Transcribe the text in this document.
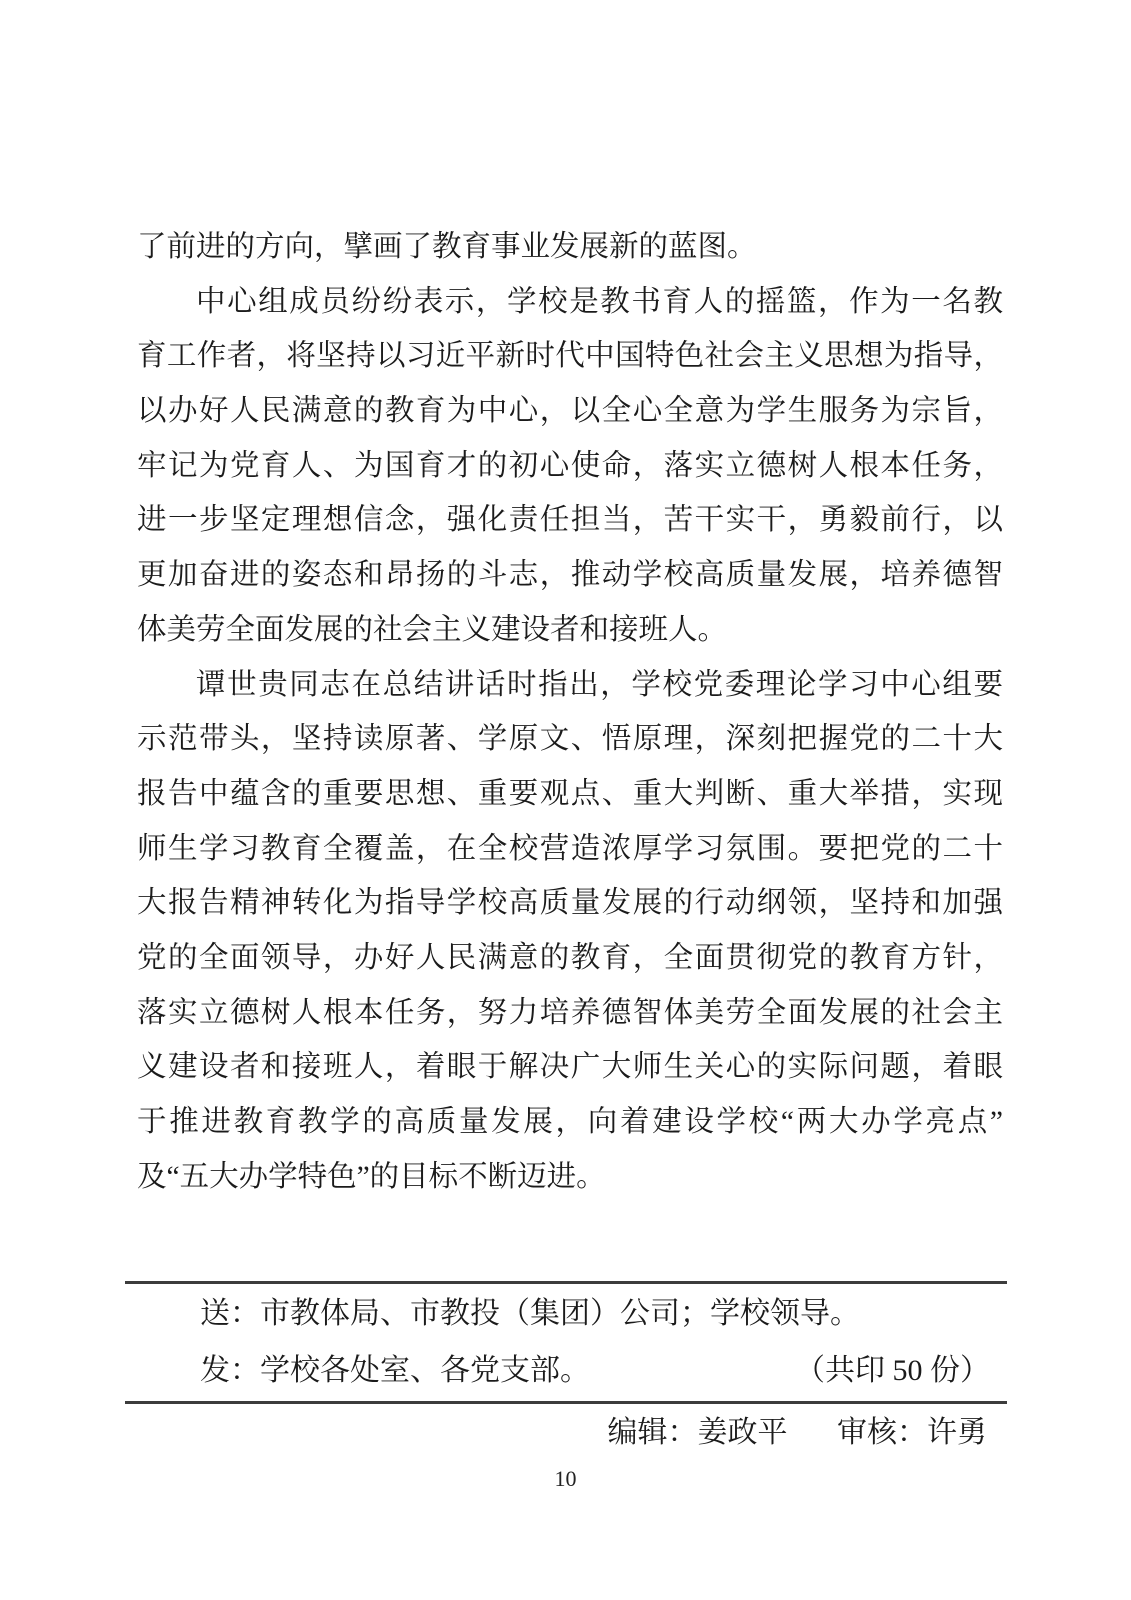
了前进的方向，擘画了教育事业发展新的蓝图。

中心组成员纷纷表示，学校是教书育人的摇篮，作为一名教

育工作者，将坚持以习近平新时代中国特色社会主义思想为指导，

以办好人民满意的教育为中心，以全心全意为学生服务为宗旨，

牢记为党育人、为国育才的初心使命，落实立德树人根本任务，

进一步坚定理想信念，强化责任担当，苦干实干，勇毅前行，以

更加奋进的姿态和昂扬的斗志，推动学校高质量发展，培养德智

体美劳全面发展的社会主义建设者和接班人。

谭世贵同志在总结讲话时指出，学校党委理论学习中心组要

示范带头，坚持读原著、学原文、悟原理，深刻把握党的二十大

报告中蕴含的重要思想、重要观点、重大判断、重大举措，实现

师生学习教育全覆盖，在全校营造浓厚学习氛围。要把党的二十

大报告精神转化为指导学校高质量发展的行动纲领，坚持和加强

党的全面领导，办好人民满意的教育，全面贯彻党的教育方针，

落实立德树人根本任务，努力培养德智体美劳全面发展的社会主

义建设者和接班人，着眼于解决广大师生关心的实际问题，着眼

于推进教育教学的高质量发展，向着建设学校“两大办学亮点”

及“五大办学特色”的目标不断迈进。

送：市教体局、市教投（集团）公司；学校领导。
发：学校各处室、各党支部。	（共印 50 份）
编辑：姜政平 审核：许勇
10
